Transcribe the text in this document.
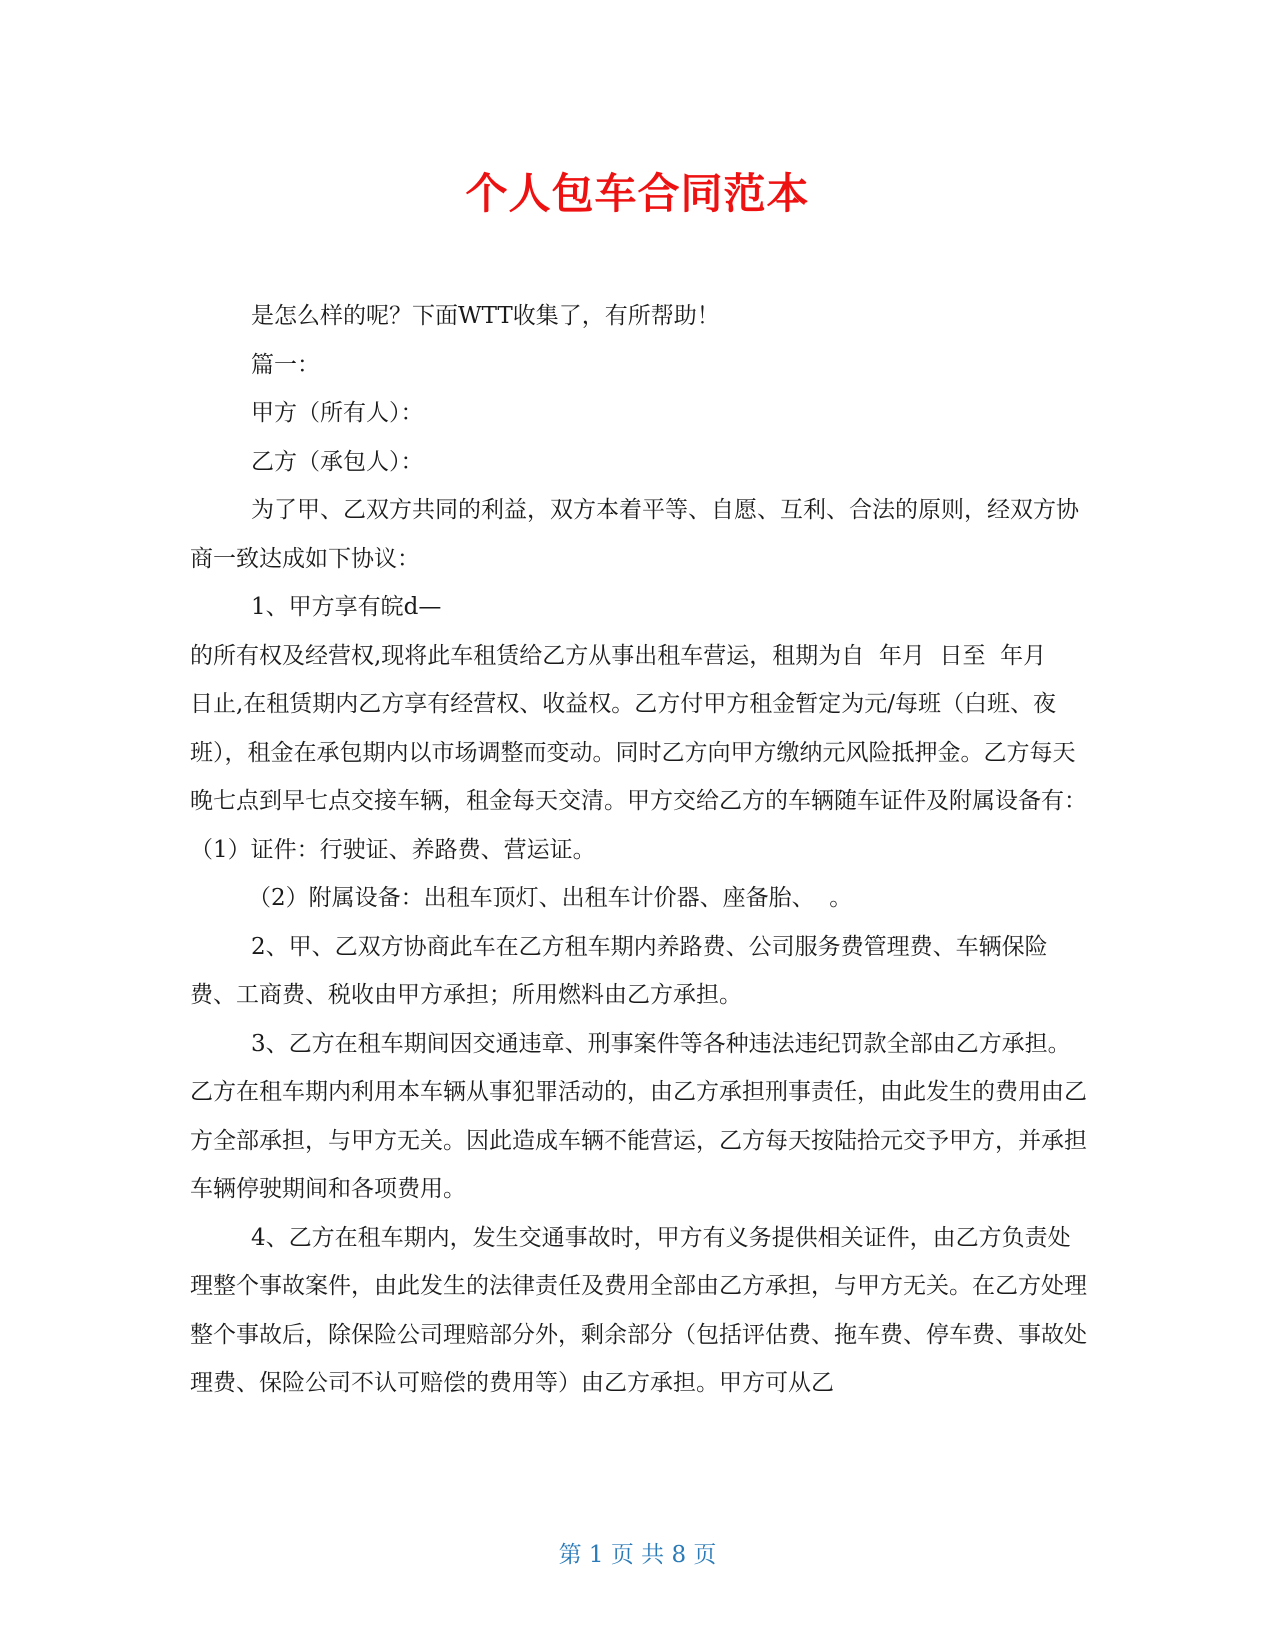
个人包车合同范本

是怎么样的呢？下面WTT收集了，有所帮助！

篇一：

甲方（所有人）：

乙方（承包人）：

为了甲、乙双方共同的利益，双方本着平等、自愿、互利、合法的原则，经双方协商一致达成如下协议：

1、甲方享有皖d—

的所有权及经营权,现将此车租赁给乙方从事出租车营运，租期为自  年月  日至  年月

日止,在租赁期内乙方享有经营权、收益权。乙方付甲方租金暂定为元/每班（白班、夜班），租金在承包期内以市场调整而变动。同时乙方向甲方缴纳元风险抵押金。乙方每天晚七点到早七点交接车辆，租金每天交清。甲方交给乙方的车辆随车证件及附属设备有：（1）证件：行驶证、养路费、营运证。

（2）附属设备：出租车顶灯、出租车计价器、座备胎、  。

2、甲、乙双方协商此车在乙方租车期内养路费、公司服务费管理费、车辆保险费、工商费、税收由甲方承担；所用燃料由乙方承担。

3、乙方在租车期间因交通违章、刑事案件等各种违法违纪罚款全部由乙方承担。乙方在租车期内利用本车辆从事犯罪活动的，由乙方承担刑事责任，由此发生的费用由乙方全部承担，与甲方无关。因此造成车辆不能营运，乙方每天按陆拾元交予甲方，并承担车辆停驶期间和各项费用。

4、乙方在租车期内，发生交通事故时，甲方有义务提供相关证件，由乙方负责处理整个事故案件，由此发生的法律责任及费用全部由乙方承担，与甲方无关。在乙方处理整个事故后，除保险公司理赔部分外，剩余部分（包括评估费、拖车费、停车费、事故处理费、保险公司不认可赔偿的费用等）由乙方承担。甲方可从乙

第 1 页 共 8 页
